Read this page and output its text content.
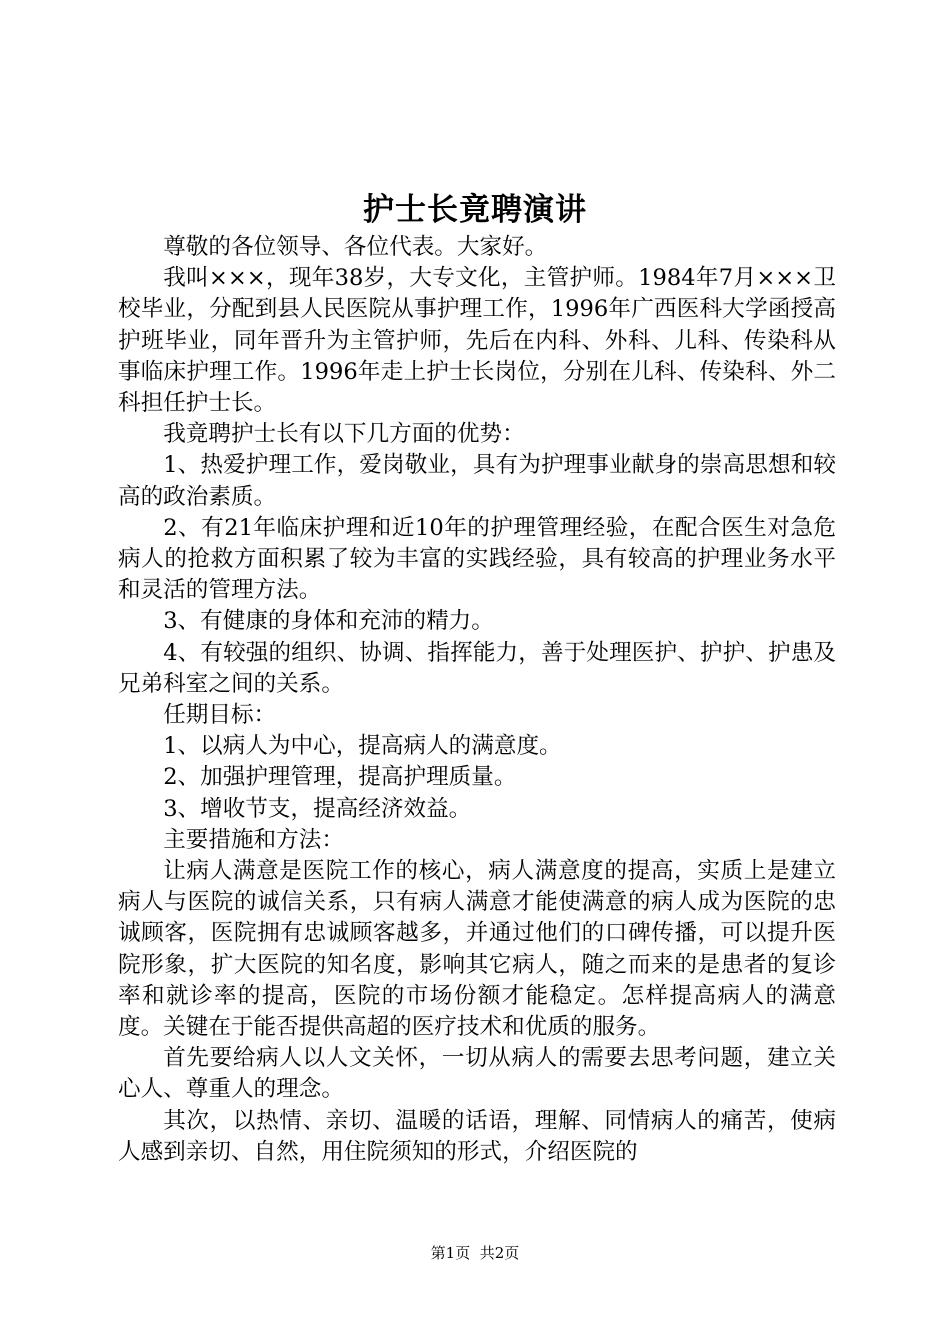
护士长竟聘演讲

尊敬的各位领导、各位代表。大家好。

我叫×××，现年38岁，大专文化，主管护师。1984年7月×××卫校毕业，分配到县人民医院从事护理工作，1996年广西医科大学函授高护班毕业，同年晋升为主管护师，先后在内科、外科、儿科、传染科从事临床护理工作。1996年走上护士长岗位，分别在儿科、传染科、外二科担任护士长。

我竟聘护士长有以下几方面的优势：

1、热爱护理工作，爱岗敬业，具有为护理事业献身的崇高思想和较高的政治素质。

2、有21年临床护理和近10年的护理管理经验，在配合医生对急危病人的抢救方面积累了较为丰富的实践经验，具有较高的护理业务水平和灵活的管理方法。

3、有健康的身体和充沛的精力。

4、有较强的组织、协调、指挥能力，善于处理医护、护护、护患及兄弟科室之间的关系。

任期目标：

1、以病人为中心，提高病人的满意度。

2、加强护理管理，提高护理质量。

3、增收节支，提高经济效益。

主要措施和方法：

让病人满意是医院工作的核心，病人满意度的提高，实质上是建立病人与医院的诚信关系，只有病人满意才能使满意的病人成为医院的忠诚顾客，医院拥有忠诚顾客越多，并通过他们的口碑传播，可以提升医院形象，扩大医院的知名度，影响其它病人，随之而来的是患者的复诊率和就诊率的提高，医院的市场份额才能稳定。怎样提高病人的满意度。关键在于能否提供高超的医疗技术和优质的服务。

首先要给病人以人文关怀，一切从病人的需要去思考问题，建立关心人、尊重人的理念。

其次，以热情、亲切、温暖的话语，理解、同情病人的痛苦，使病人感到亲切、自然，用住院须知的形式，介绍医院的

第1页 共2页
